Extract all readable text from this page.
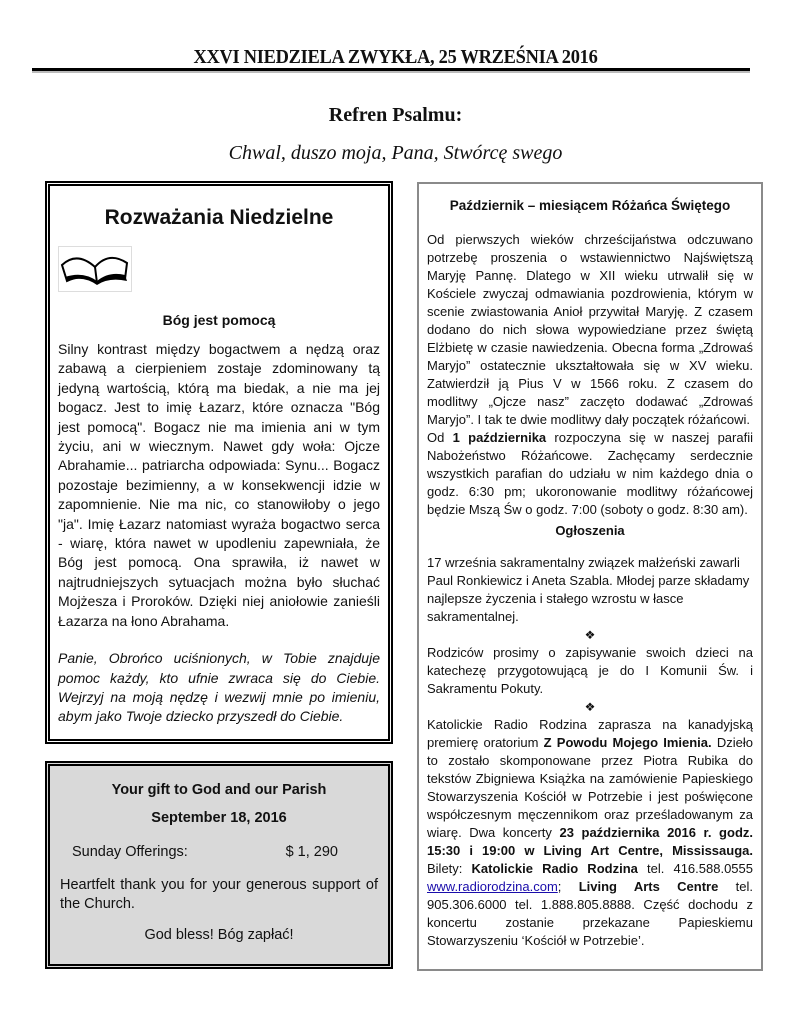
XXVI NIEDZIELA ZWYKŁA, 25 WRZEŚNIA 2016
Refren Psalmu:
Chwal, duszo moja, Pana, Stwórcę swego
Rozważania Niedzielne
Bóg jest pomocą

Silny kontrast między bogactwem a nędzą oraz zabawą a cierpieniem zostaje zdominowany tą jedyną wartością, którą ma biedak, a nie ma jej bogacz. Jest to imię Łazarz, które oznacza "Bóg jest pomocą". Bogacz nie ma imienia ani w tym życiu, ani w wiecznym. Nawet gdy woła: Ojcze Abrahamie... patriarcha odpowiada: Synu... Bogacz pozostaje bezimienny, a w konsekwencji idzie w zapomnienie. Nie ma nic, co stanowiłoby o jego "ja". Imię Łazarz natomiast wyraża bogactwo serca - wiarę, która nawet w upodleniu zapewniała, że Bóg jest pomocą. Ona sprawiła, iż nawet w najtrudniejszych sytuacjach można było słuchać Mojżesza i Proroków. Dzięki niej aniołowie zanieśli Łazarza na łono Abrahama.

Panie, Obrońco uciśnionych, w Tobie znajduje pomoc każdy, kto ufnie zwraca się do Ciebie. Wejrzyj na moją nędzę i wezwij mnie po imieniu, abym jako Twoje dziecko przyszedł do Ciebie.

Your gift to God and our Parish
September 18, 2016
Sunday Offerings:	$ 1, 290

Heartfelt thank you for your generous support of the Church.

God bless! Bóg zapłać!

Październik – miesiącem Różańca Świętego

Od pierwszych wieków chrześcijaństwa odczuwano potrzebę proszenia o wstawiennictwo Najświętszą Maryję Pannę. Dlatego w XII wieku utrwalił się w Kościele zwyczaj odmawiania pozdrowienia, którym w scenie zwiastowania Anioł przywitał Maryję. Z czasem dodano do nich słowa wypowiedziane przez świętą Elżbietę w czasie nawiedzenia. Obecna forma „Zdrowaś Maryjo” ostatecznie ukształtowała się w XV wieku. Zatwierdził ją Pius V w 1566 roku. Z czasem do modlitwy „Ojcze nasz” zaczęto dodawać „Zdrowaś Maryjo”. I tak te dwie modlitwy dały początek różańcowi.

Od 1 października rozpoczyna się w naszej parafii Nabożeństwo Różańcowe. Zachęcamy serdecznie wszystkich parafian do udziału w nim każdego dnia o godz. 6:30 pm; ukoronowanie modlitwy różańcowej będzie Mszą Św o godz. 7:00 (soboty o godz. 8:30 am).

Ogłoszenia

17 września sakramentalny związek małżeński zawarli Paul Ronkiewicz i Aneta Szabla. Młodej parze składamy najlepsze życzenia i stałego wzrostu w łasce sakramentalnej.

❖

Rodziców prosimy o zapisywanie swoich dzieci na katechezę przygotowującą je do I Komunii Św. i Sakramentu Pokuty.

❖

Katolickie Radio Rodzina zaprasza na kanadyjską premierę oratorium Z Powodu Mojego Imienia. Dzieło to zostało skomponowane przez Piotra Rubika do tekstów Zbigniewa Książka na zamówienie Papieskiego Stowarzyszenia Kościół w Potrzebie i jest poświęcone współczesnym męczennikom oraz prześladowanym za wiarę. Dwa koncerty 23 października 2016 r. godz. 15:30 i 19:00 w Living Art Centre, Mississauga. Bilety: Katolickie Radio Rodzina tel. 416.588.0555 www.radiorodzina.com; Living Arts Centre tel. 905.306.6000 tel. 1.888.805.8888. Część dochodu z koncertu zostanie przekazane Papieskiemu Stowarzyszeniu ‘Kościół w Potrzebie’.
